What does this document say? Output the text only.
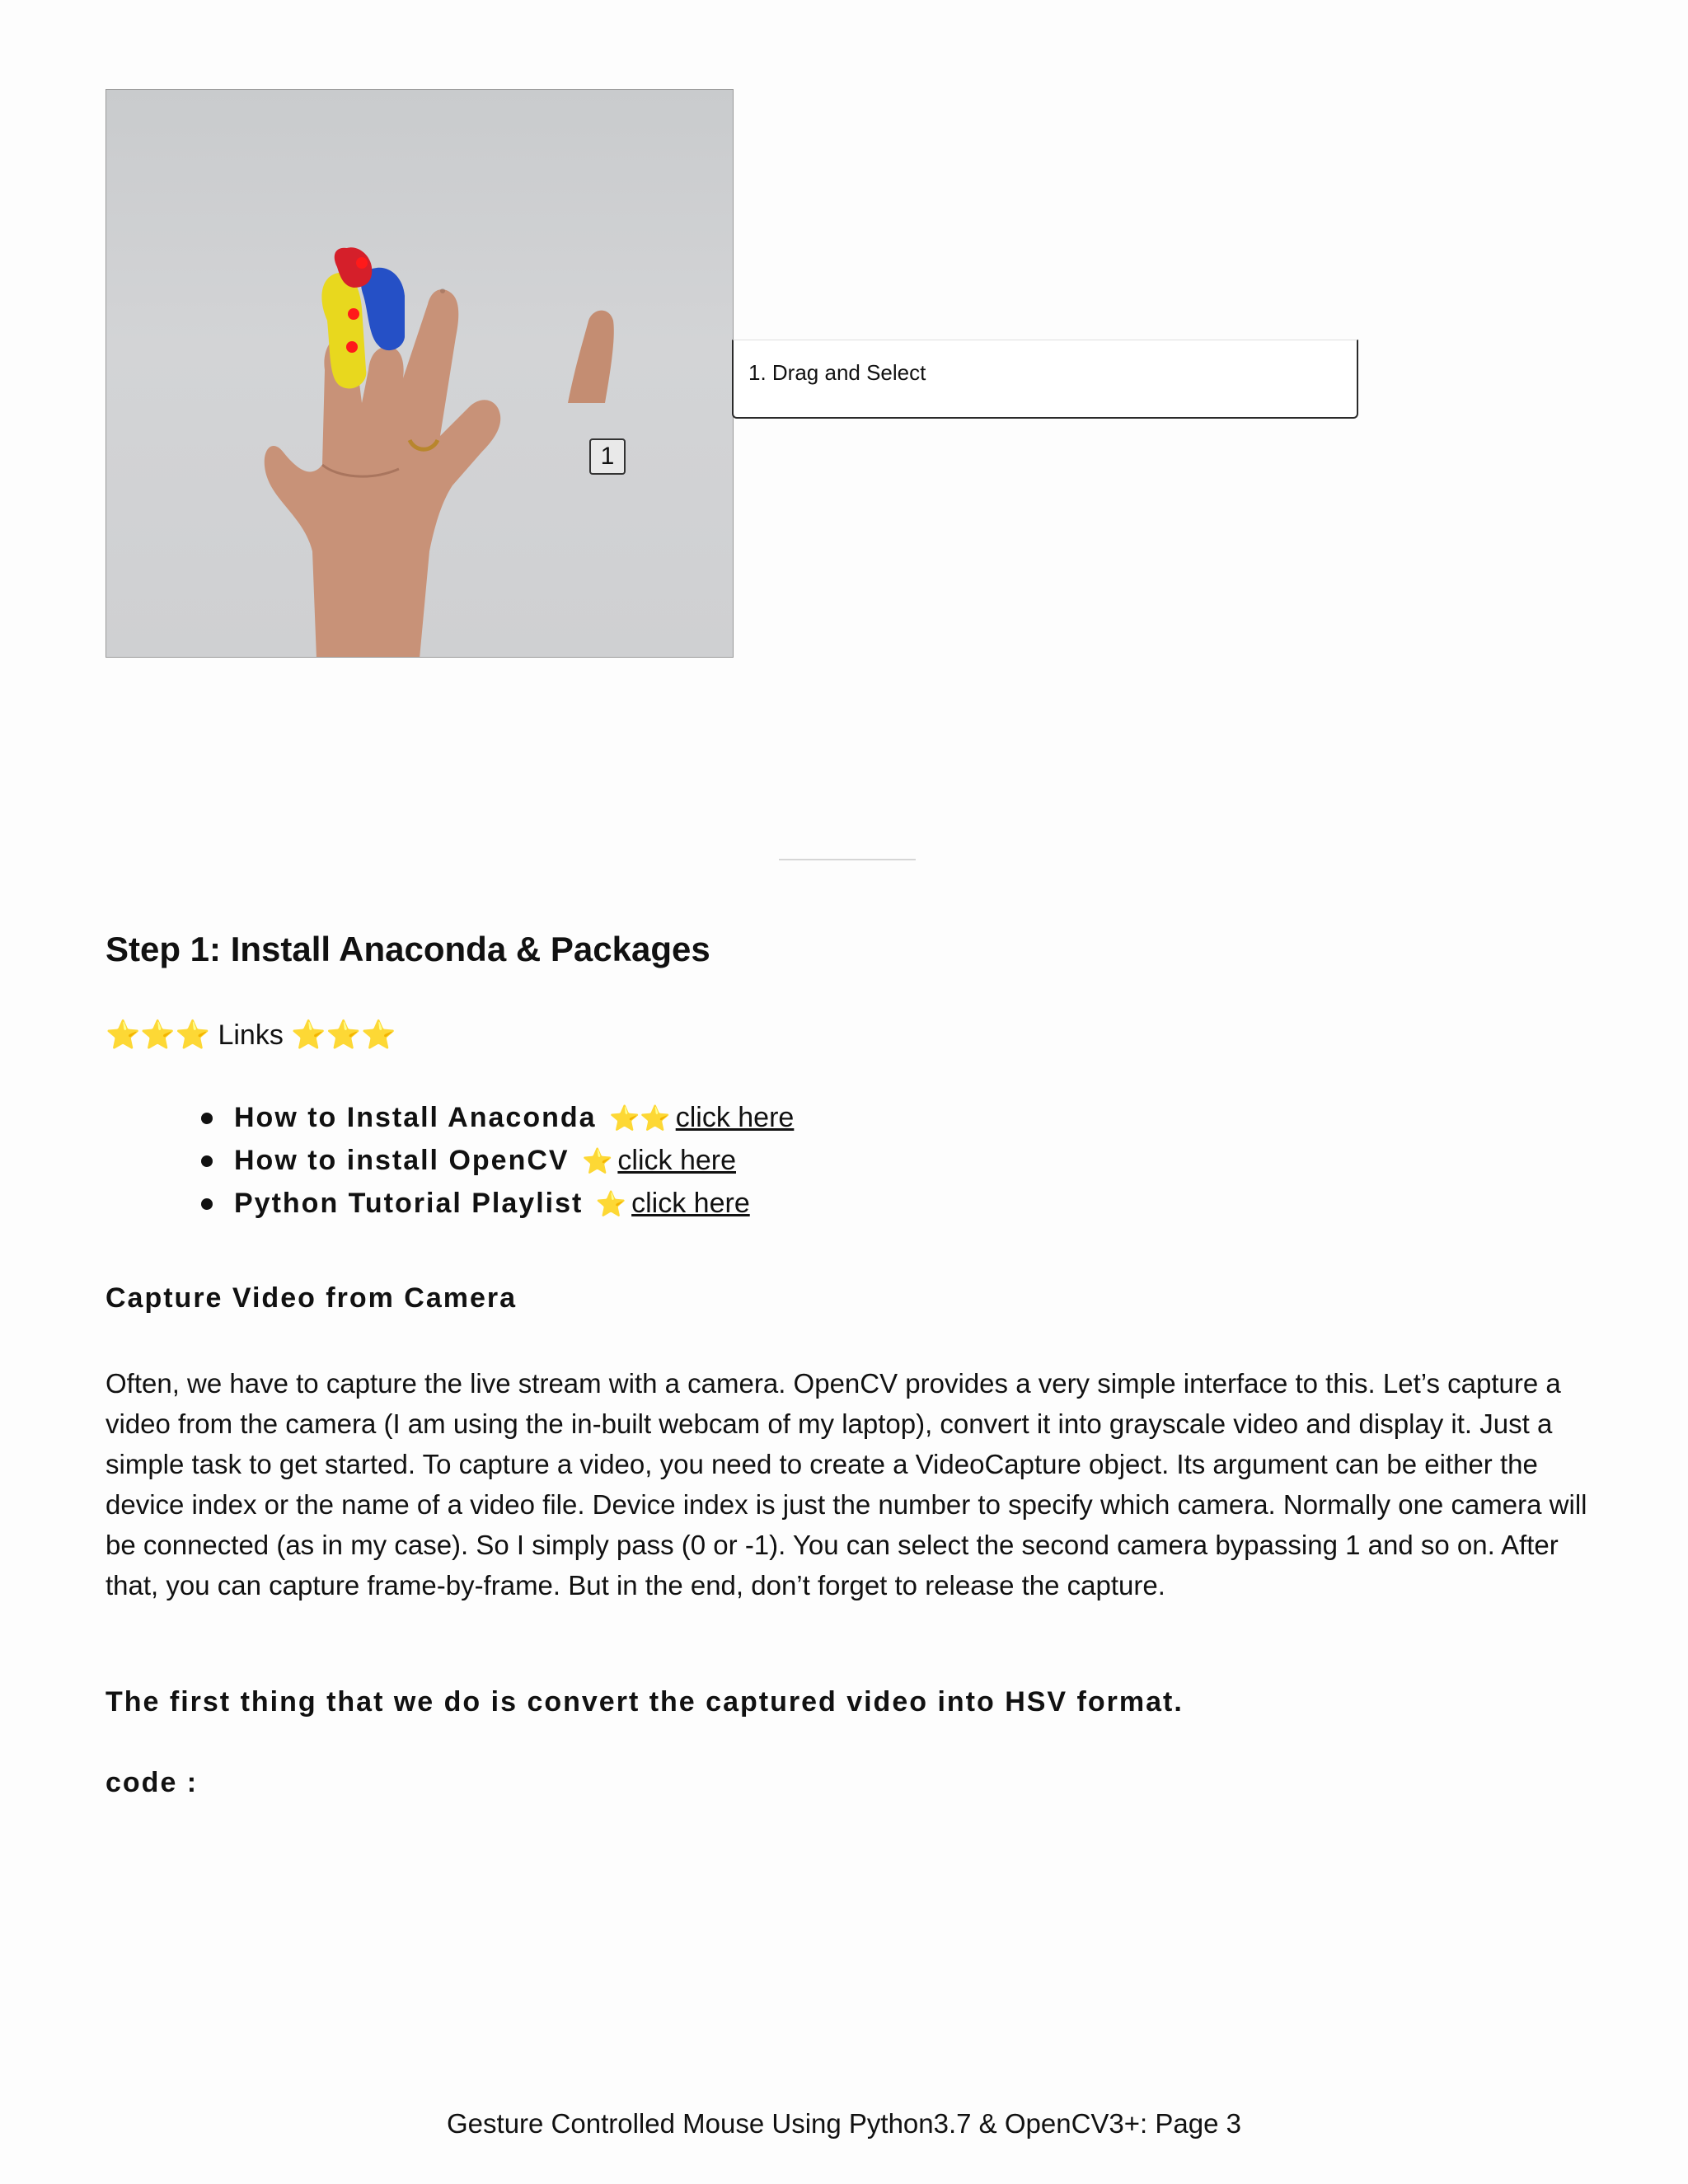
1
1. Drag and Select
Step 1: Install Anaconda & Packages
⭐⭐⭐ Links ⭐⭐⭐
How to Install Anaconda ⭐⭐ click here
How to install OpenCV ⭐ click here
Python Tutorial Playlist ⭐ click here
Capture Video from Camera

Often, we have to capture the live stream with a camera. OpenCV provides a very simple interface to this. Let’s capture a video from the camera (I am using the in-built webcam of my laptop), convert it into grayscale video and display it. Just a simple task to get started. To capture a video, you need to create a VideoCapture object. Its argument can be either the device index or the name of a video file. Device index is just the number to specify which camera. Normally one camera will be connected (as in my case). So I simply pass (0 or -1). You can select the second camera bypassing 1 and so on. After that, you can capture frame-by-frame. But in the end, don’t forget to release the capture.

The first thing that we do is convert the captured video into HSV format.

code :

Gesture Controlled Mouse Using Python3.7 & OpenCV3+: Page 3
